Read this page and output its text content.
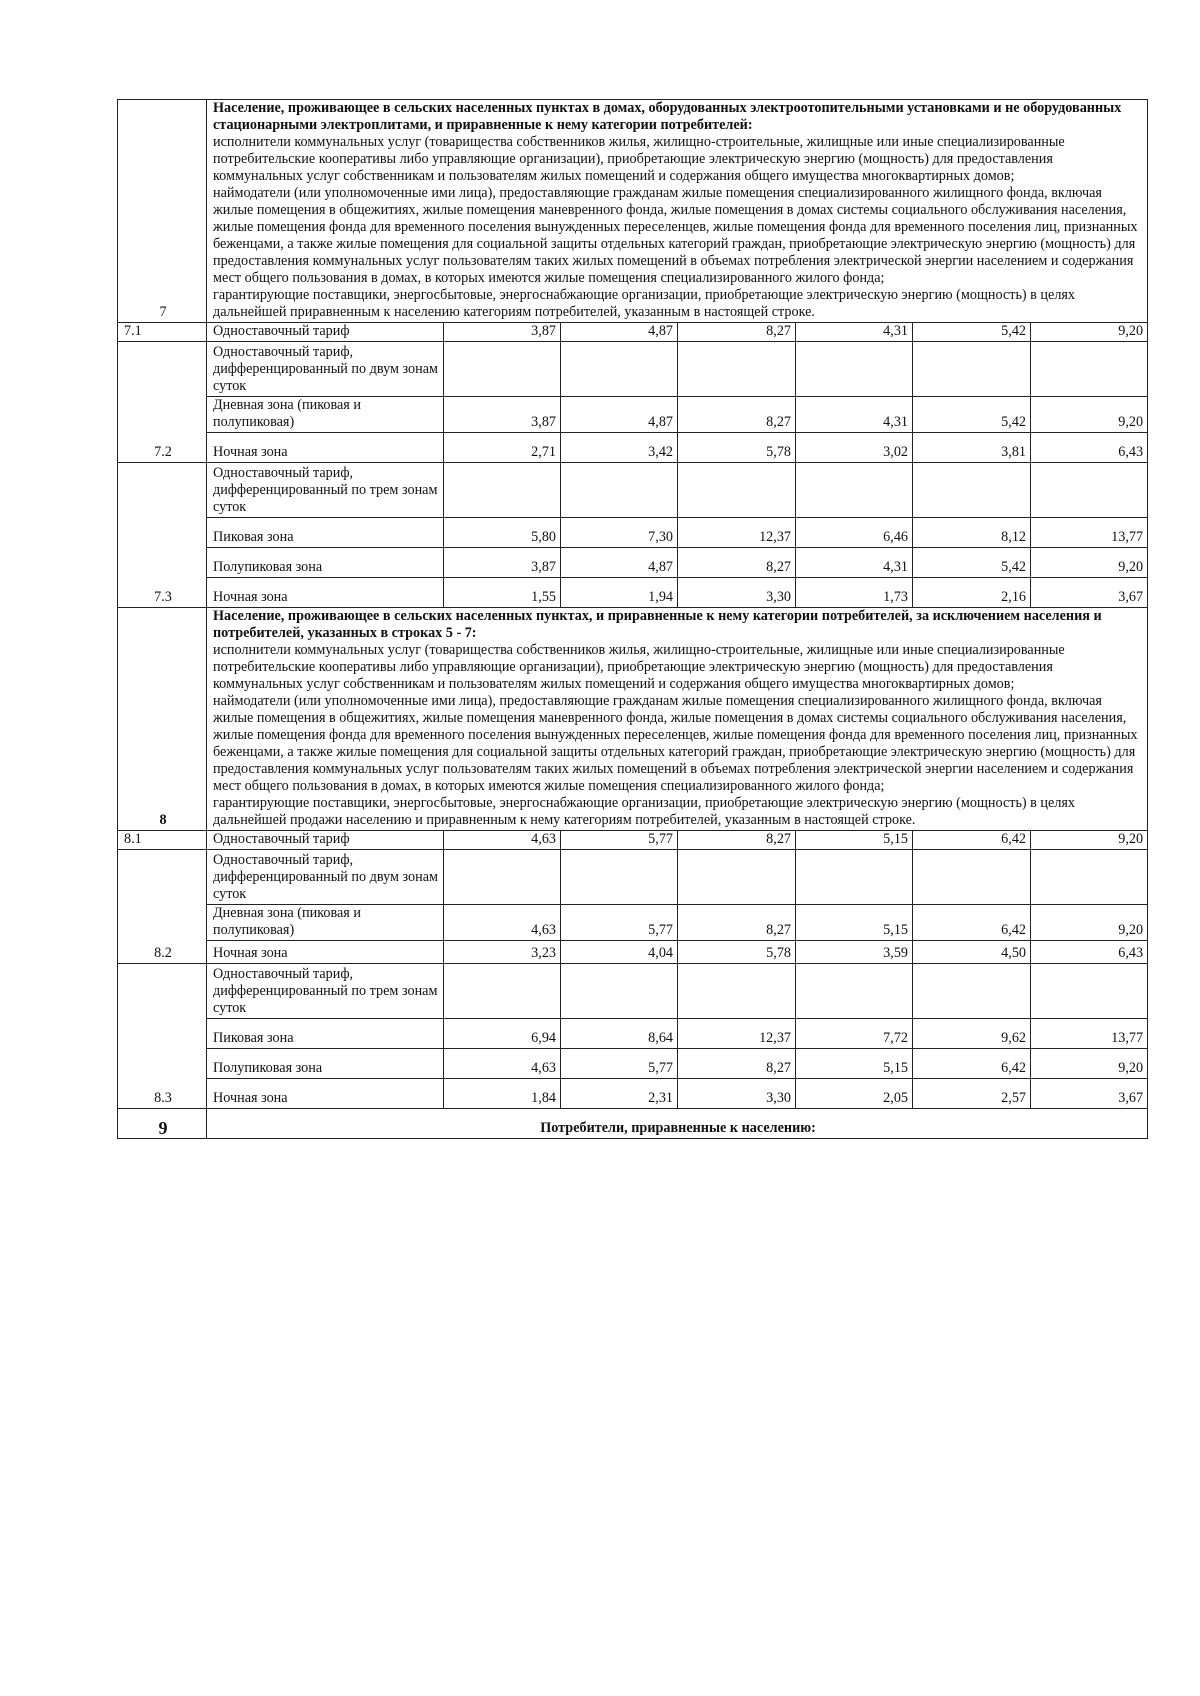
7	Население, проживающее в сельских населенных пунктах в домах, оборудованных электроотопительными установками и не оборудованных стационарными электроплитами, и приравненные к нему категории потребителей:

исполнители коммунальных услуг (товарищества собственников жилья, жилищно-строительные, жилищные или иные специализированные потребительские кооперативы либо управляющие организации), приобретающие электрическую энергию (мощность) для предоставления коммунальных услуг собственникам и пользователям жилых помещений и содержания общего имущества многоквартирных домов;

наймодатели (или уполномоченные ими лица), предоставляющие гражданам жилые помещения специализированного жилищного фонда, включая жилые помещения в общежитиях, жилые помещения маневренного фонда, жилые помещения в домах системы социального обслуживания населения, жилые помещения фонда для временного поселения вынужденных переселенцев, жилые помещения фонда для временного поселения лиц, признанных беженцами, а также жилые помещения для социальной защиты отдельных категорий граждан, приобретающие электрическую энергию (мощность) для предоставления коммунальных услуг пользователям таких жилых помещений в объемах потребления электрической энергии населением и содержания мест общего пользования в домах, в которых имеются жилые помещения специализированного жилого фонда;

гарантирующие поставщики, энергосбытовые, энергоснабжающие организации, приобретающие электрическую энергию (мощность) в целях дальнейшей приравненным к населению категориям потребителей, указанным в настоящей строке.						

7.1	Одноставочный тариф	3,87	4,87	8,27	4,31	5,42	9,20
7.2	Одноставочный тариф, дифференцированный по двум зонам суток						
	Дневная зона (пиковая и полупиковая)	3,87	4,87	8,27	4,31	5,42	9,20
	Ночная зона	2,71	3,42	5,78	3,02	3,81	6,43
7.3	Одноставочный тариф, дифференцированный по трем зонам суток						
	Пиковая зона	5,80	7,30	12,37	6,46	8,12	13,77
	Полупиковая зона	3,87	4,87	8,27	4,31	5,42	9,20
	Ночная зона	1,55	1,94	3,30	1,73	2,16	3,67
8	Население, проживающее в сельских населенных пунктах, и приравненные к нему категории потребителей, за исключением населения и потребителей, указанных в строках 5 - 7:

исполнители коммунальных услуг (товарищества собственников жилья, жилищно-строительные, жилищные или иные специализированные потребительские кооперативы либо управляющие организации), приобретающие электрическую энергию (мощность) для предоставления коммунальных услуг собственникам и пользователям жилых помещений и содержания общего имущества многоквартирных домов;

наймодатели (или уполномоченные ими лица), предоставляющие гражданам жилые помещения специализированного жилищного фонда, включая жилые помещения в общежитиях, жилые помещения маневренного фонда, жилые помещения в домах системы социального обслуживания населения, жилые помещения фонда для временного поселения вынужденных переселенцев, жилые помещения фонда для временного поселения лиц, признанных беженцами, а также жилые помещения для социальной защиты отдельных категорий граждан, приобретающие электрическую энергию (мощность) для предоставления коммунальных услуг пользователям таких жилых помещений в объемах потребления электрической энергии населением и содержания мест общего пользования в домах, в которых имеются жилые помещения специализированного жилого фонда;

гарантирующие поставщики, энергосбытовые, энергоснабжающие организации, приобретающие электрическую энергию (мощность) в целях дальнейшей продажи населению и приравненным к нему категориям потребителей, указанным в настоящей строке.						

8.1	Одноставочный тариф	4,63	5,77	8,27	5,15	6,42	9,20
8.2	Одноставочный тариф, дифференцированный по двум зонам суток						
	Дневная зона (пиковая и полупиковая)	4,63	5,77	8,27	5,15	6,42	9,20
	Ночная зона	3,23	4,04	5,78	3,59	4,50	6,43
8.3	Одноставочный тариф, дифференцированный по трем зонам суток						
	Пиковая зона	6,94	8,64	12,37	7,72	9,62	13,77
	Полупиковая зона	4,63	5,77	8,27	5,15	6,42	9,20
	Ночная зона	1,84	2,31	3,30	2,05	2,57	3,67
9	Потребители, приравненные к населению:						
